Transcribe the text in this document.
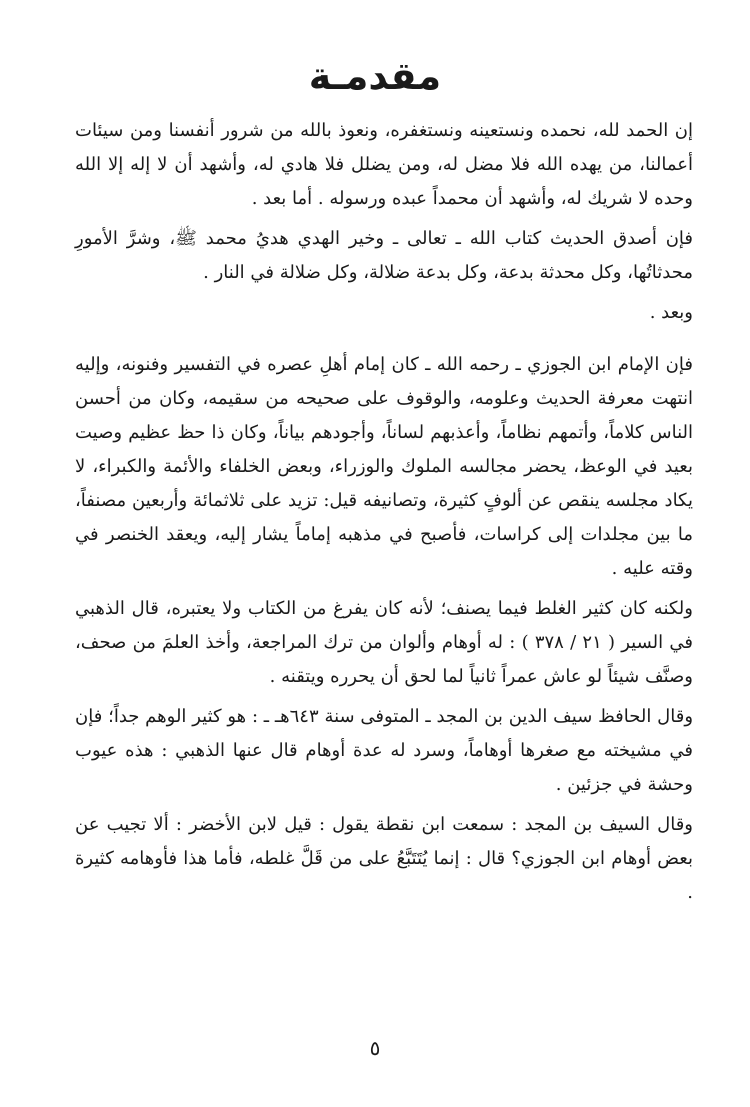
مقدمـة

إن الحمد لله، نحمده ونستعينه ونستغفره، ونعوذ بالله من شرور أنفسنا ومن سيئات أعمالنا، من يهده الله فلا مضل له، ومن يضلل فلا هادي له، وأشهد أن لا إله إلا الله وحده لا شريك له، وأشهد أن محمداً عبده ورسوله . أما بعد .

فإن أصدق الحديث كتاب الله ـ تعالى ـ وخير الهدي هديُ محمد ﷺ، وشرَّ الأمورِ محدثاتُها، وكل محدثة بدعة، وكل بدعة ضلالة، وكل ضلالة في النار .

وبعد .

فإن الإمام ابن الجوزي ـ رحمه الله ـ كان إمام أهلِ عصره في التفسير وفنونه، وإليه انتهت معرفة الحديث وعلومه، والوقوف على صحيحه من سقيمه، وكان من أحسن الناس كلاماً، وأتمهم نظاماً، وأعذبهم لساناً، وأجودهم بياناً، وكان ذا حظ عظيم وصيت بعيد في الوعظ، يحضر مجالسه الملوك والوزراء، وبعض الخلفاء والأئمة والكبراء، لا يكاد مجلسه ينقص عن ألوفٍ كثيرة، وتصانيفه قيل: تزيد على ثلاثمائة وأربعين مصنفاً، ما بين مجلدات إلى كراسات، فأصبح في مذهبه إماماً يشار إليه، ويعقد الخنصر في وقته عليه .

ولكنه كان كثير الغلط فيما يصنف؛ لأنه كان يفرغ من الكتاب ولا يعتبره، قال الذهبي في السير ( ٢١ / ٣٧٨ ) : له أوهام وألوان من ترك المراجعة، وأخذ العلمَ من صحف، وصنَّف شيئاً لو عاش عمراً ثانياً لما لحق أن يحرره ويتقنه .

وقال الحافظ سيف الدين بن المجد ـ المتوفى سنة ٦٤٣هـ ـ : هو كثير الوهم جداً؛ فإن في مشيخته مع صغرها أوهاماً، وسرد له عدة أوهام قال عنها الذهبي : هذه عيوب وحشة في جزئين .

وقال السيف بن المجد : سمعت ابن نقطة يقول : قيل لابن الأخضر : ألا تجيب عن بعض أوهام ابن الجوزي؟ قال : إنما يُتَتَبَّعُ على من قَلَّ غلطه، فأما هذا فأوهامه كثيرة .

٥
